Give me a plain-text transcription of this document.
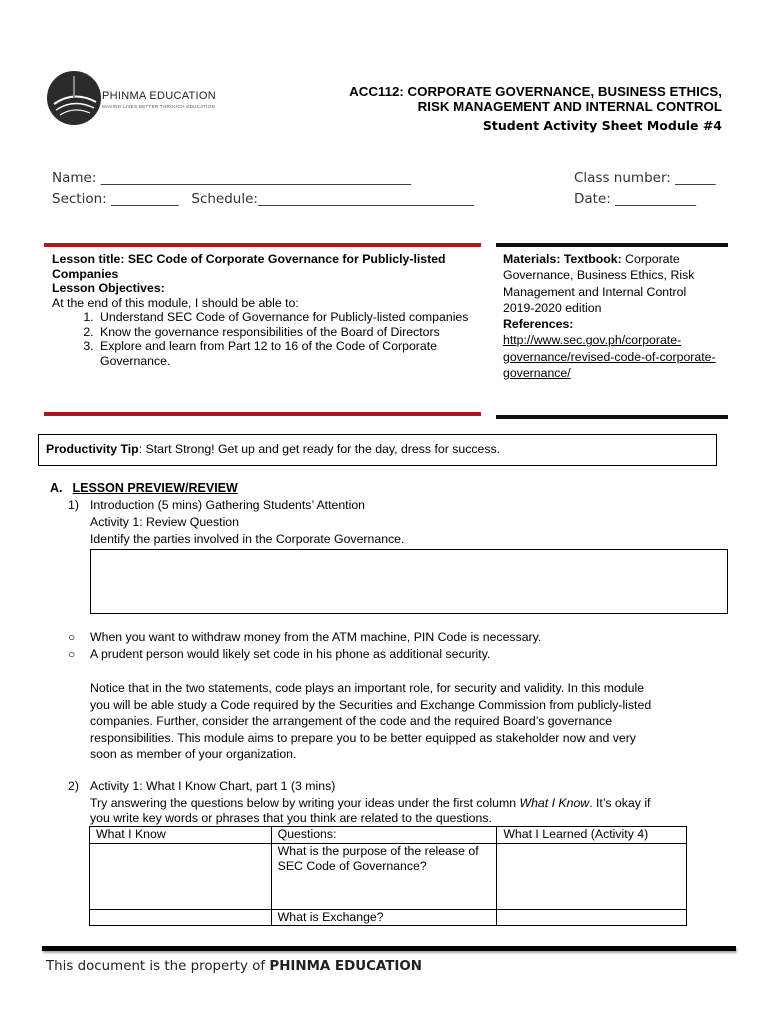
PHINMA EDUCATION
MAKING LIVES BETTER THROUGH EDUCATION
ACC112: CORPORATE GOVERNANCE, BUSINESS ETHICS,
RISK MANAGEMENT AND INTERNAL CONTROL
Student Activity Sheet Module #4
Name: ______________________________________________
Section: __________   Schedule:________________________________
Class number: ______
Date: ____________
Lesson title: SEC Code of Corporate Governance for Publicly-listed Companies
Lesson Objectives:
At the end of this module, I should be able to:
1. Understand SEC Code of Governance for Publicly-listed companies
2. Know the governance responsibilities of the Board of Directors
3. Explore and learn from Part 12 to 16 of the Code of Corporate Governance.
Materials: Textbook: Corporate Governance, Business Ethics, Risk Management and Internal Control 2019-2020 edition
References:
http://www.sec.gov.ph/corporate-governance/revised-code-of-corporate-governance/
Productivity Tip: Start Strong! Get up and get ready for the day, dress for success.
A. LESSON PREVIEW/REVIEW
1) Introduction (5 mins) Gathering Students’ Attention
Activity 1: Review Question
Identify the parties involved in the Corporate Governance.
○ When you want to withdraw money from the ATM machine, PIN Code is necessary.
○ A prudent person would likely set code in his phone as additional security.
Notice that in the two statements, code plays an important role, for security and validity. In this module
you will be able study a Code required by the Securities and Exchange Commission from publicly-listed
companies. Further, consider the arrangement of the code and the required Board’s governance
responsibilities. This module aims to prepare you to be better equipped as stakeholder now and very
soon as member of your organization.
2) Activity 1: What I Know Chart, part 1 (3 mins)
Try answering the questions below by writing your ideas under the first column What I Know. It’s okay if
you write key words or phrases that you think are related to the questions.
What I Know	Questions:	What I Learned (Activity 4)
	What is the purpose of the release of SEC Code of Governance?	
	What is Exchange?	
This document is the property of PHINMA EDUCATION
